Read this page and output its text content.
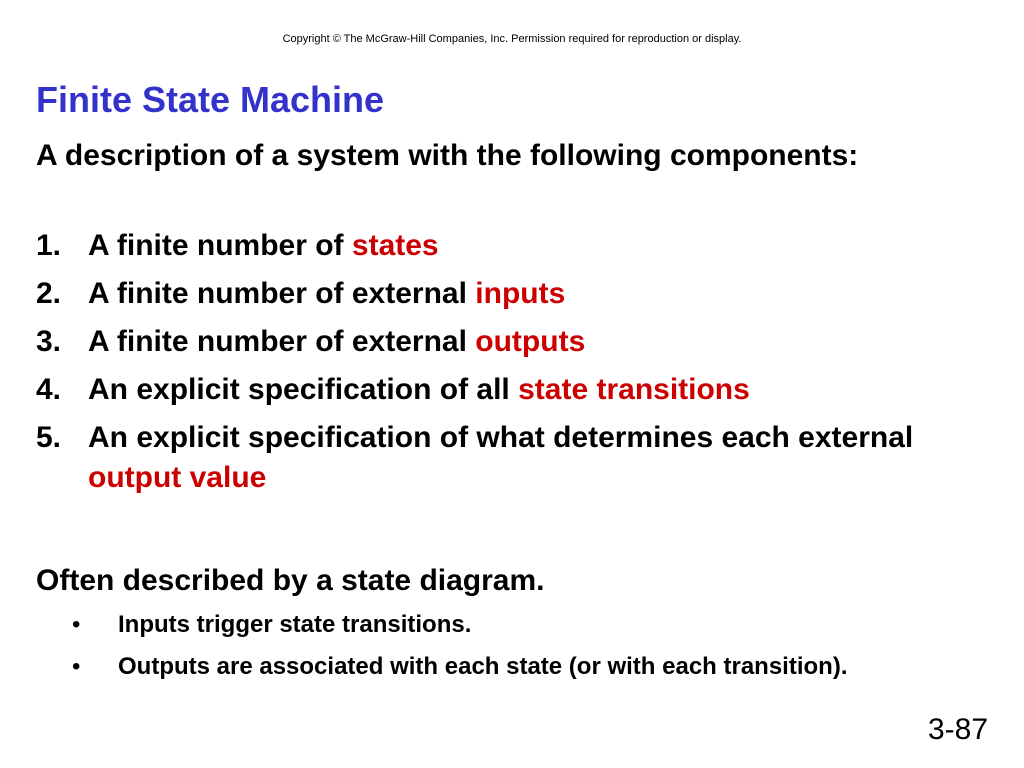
Copyright © The McGraw-Hill Companies, Inc. Permission required for reproduction or display.
Finite State Machine

A description of a system with the following components:

1. A finite number of states
2. A finite number of external inputs
3. A finite number of external outputs
4. An explicit specification of all state transitions
5. An explicit specification of what determines each external output value

Often described by a state diagram.

• Inputs trigger state transitions.
• Outputs are associated with each state (or with each transition).
3-87
